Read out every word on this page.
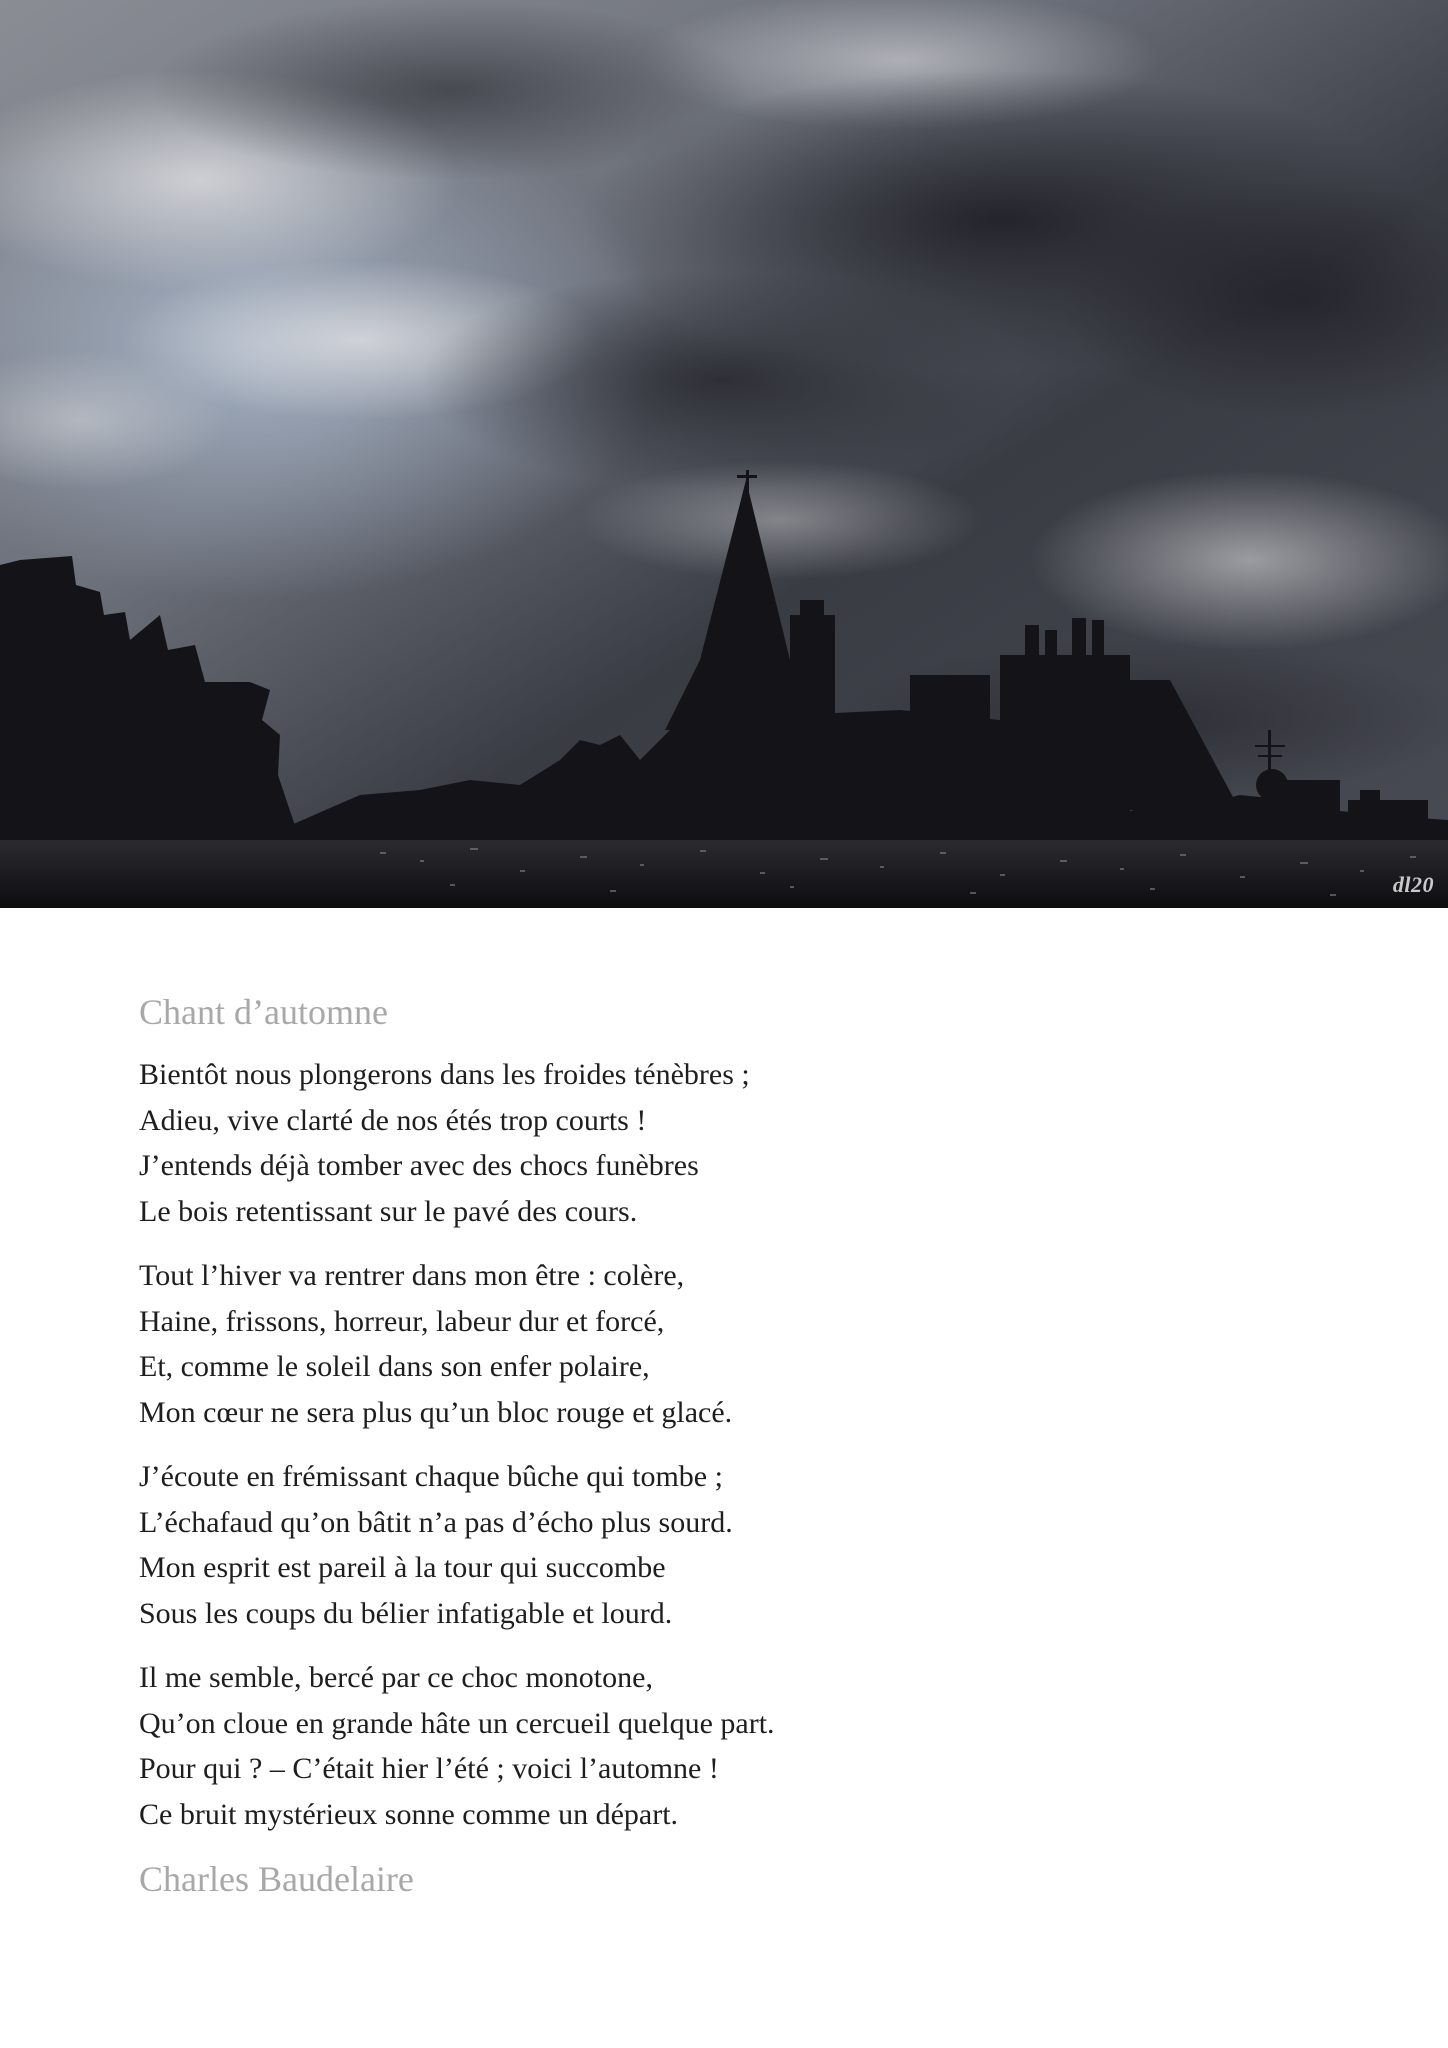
dl20
Chant d’automne
Bientôt nous plongerons dans les froides ténèbres ;
Adieu, vive clarté de nos étés trop courts !
J’entends déjà tomber avec des chocs funèbres
Le bois retentissant sur le pavé des cours.
Tout l’hiver va rentrer dans mon être : colère,
Haine, frissons, horreur, labeur dur et forcé,
Et, comme le soleil dans son enfer polaire,
Mon cœur ne sera plus qu’un bloc rouge et glacé.
J’écoute en frémissant chaque bûche qui tombe ;
L’échafaud qu’on bâtit n’a pas d’écho plus sourd.
Mon esprit est pareil à la tour qui succombe
Sous les coups du bélier infatigable et lourd.
Il me semble, bercé par ce choc monotone,
Qu’on cloue en grande hâte un cercueil quelque part.
Pour qui ? – C’était hier l’été ; voici l’automne !
Ce bruit mystérieux sonne comme un départ.
Charles Baudelaire
